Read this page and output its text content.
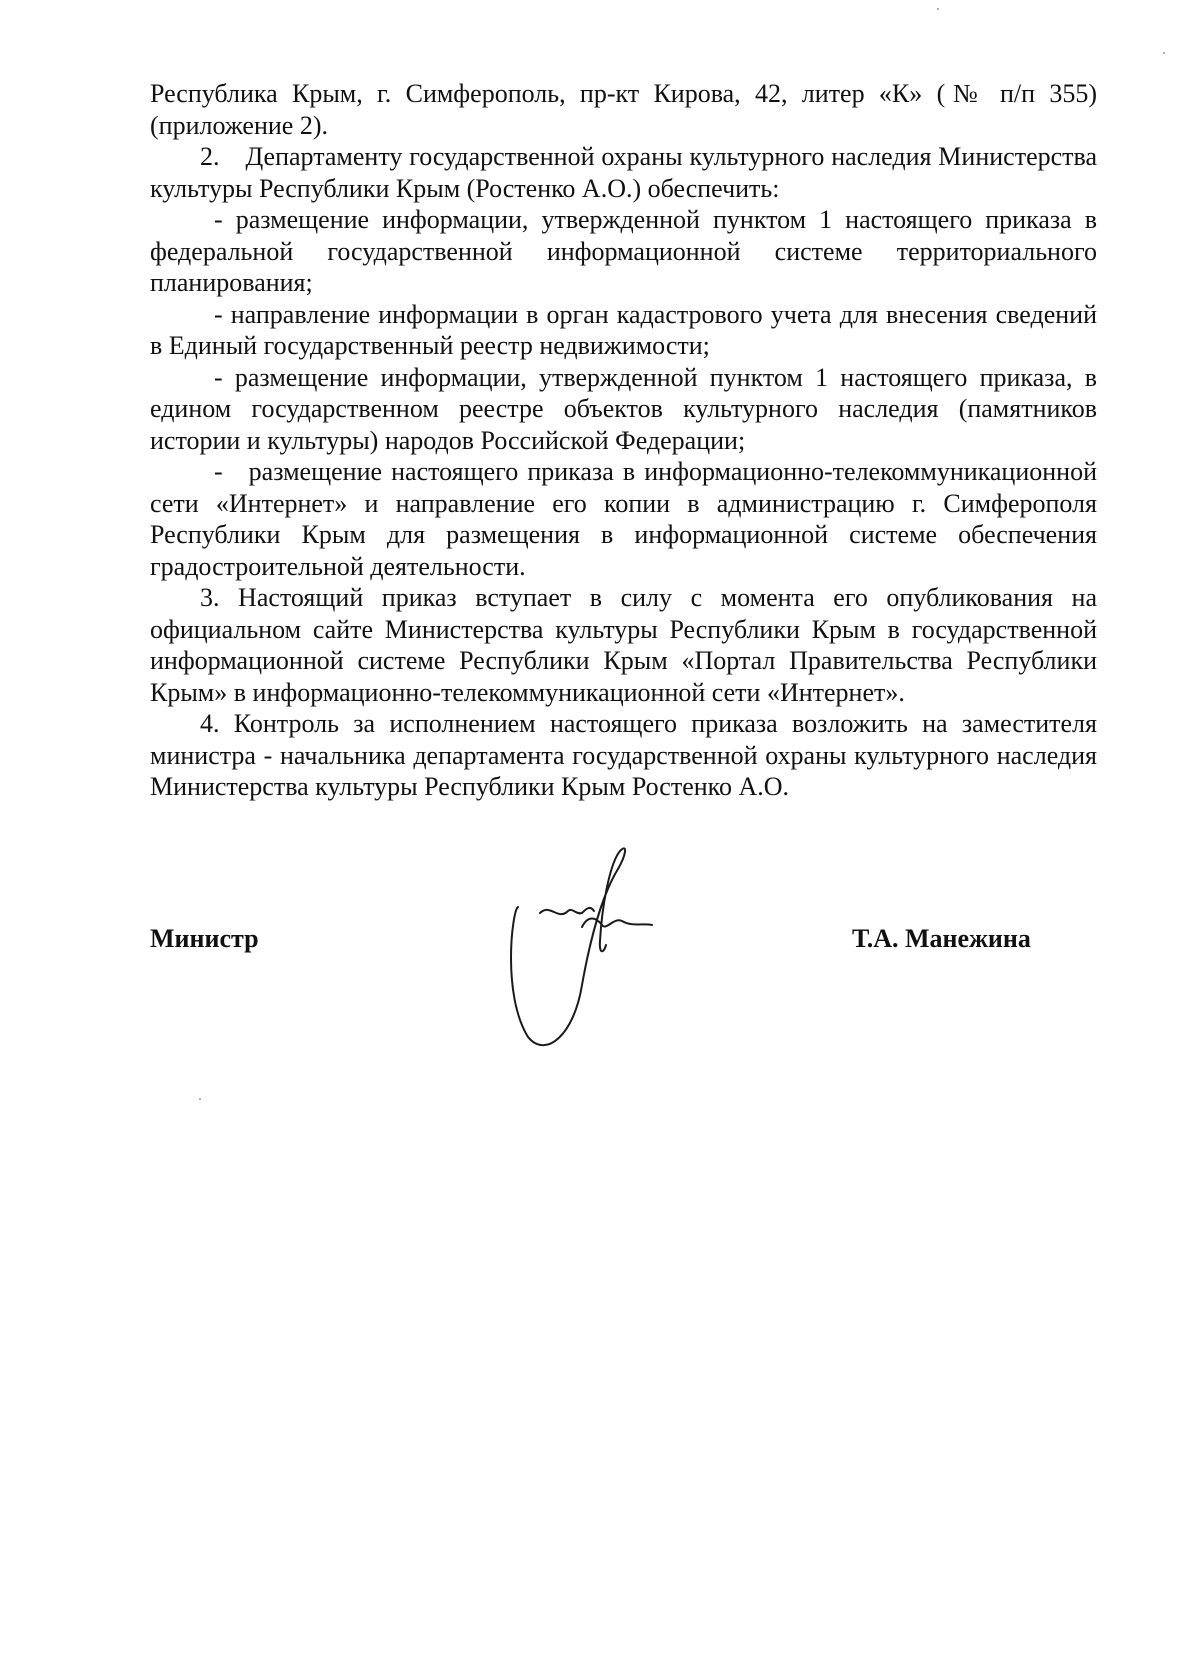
Республика Крым, г. Симферополь, пр-кт Кирова, 42, литер «К» (№ п/п 355) (приложение 2).

2. Департаменту государственной охраны культурного наследия Министерства культуры Республики Крым (Ростенко А.О.) обеспечить:

- размещение информации, утвержденной пунктом 1 настоящего приказа в федеральной государственной информационной системе территориального планирования;

- направление информации в орган кадастрового учета для внесения сведений в Единый государственный реестр недвижимости;

- размещение информации, утвержденной пунктом 1 настоящего приказа, в едином государственном реестре объектов культурного наследия (памятников истории и культуры) народов Российской Федерации;

- размещение настоящего приказа в информационно-телекоммуникационной сети «Интернет» и направление его копии в администрацию г. Симферополя Республики Крым для размещения в информационной системе обеспечения градостроительной деятельности.

3. Настоящий приказ вступает в силу с момента его опубликования на официальном сайте Министерства культуры Республики Крым в государственной информационной системе Республики Крым «Портал Правительства Республики Крым» в информационно-телекоммуникационной сети «Интернет».

4. Контроль за исполнением настоящего приказа возложить на заместителя министра - начальника департамента государственной охраны культурного наследия Министерства культуры Республики Крым Ростенко А.О.

Министр	Т.А. Манежина
